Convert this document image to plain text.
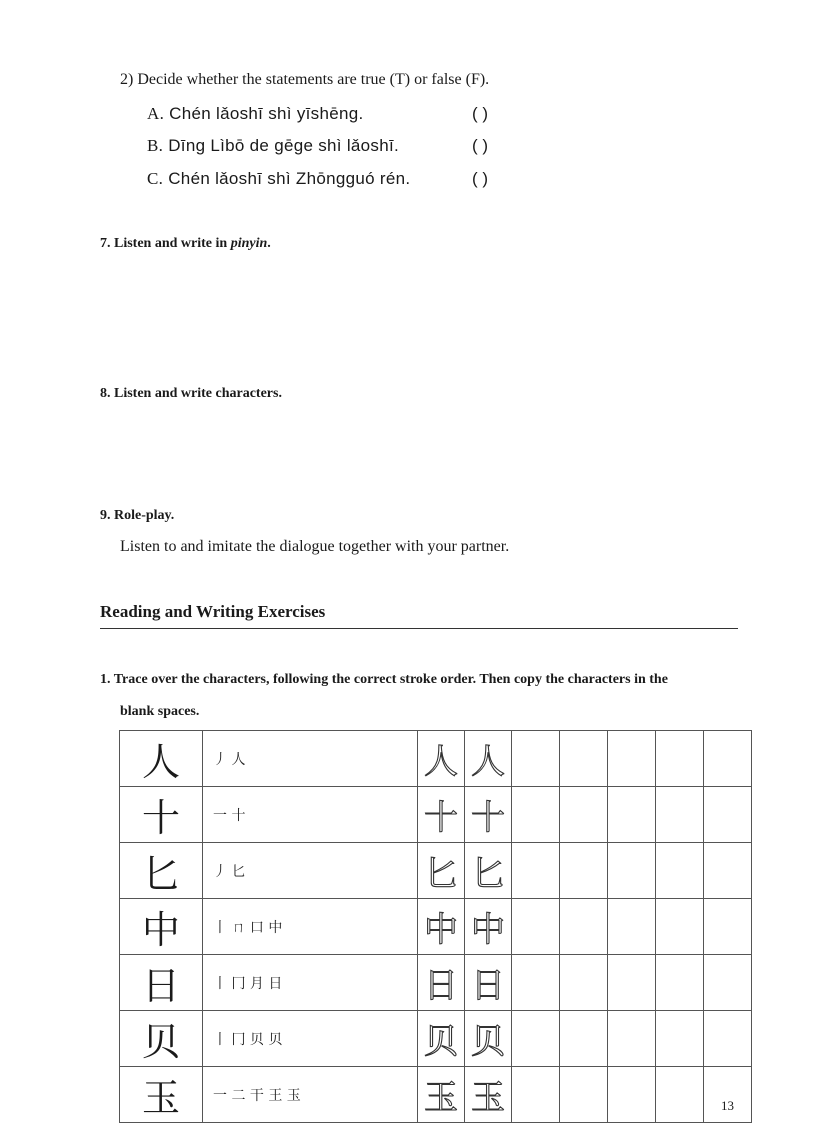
2) Decide whether the statements are true (T) or false (F).
A. Chén lǎoshī shì yīshēng.	( )
B. Dīng Lìbō de gēge shì lǎoshī.	( )
C. Chén lǎoshī shì Zhōngguó rén.	( )
7. Listen and write in pinyin.
8. Listen and write characters.
9. Role-play.
Listen to and imitate the dialogue together with your partner.
Reading and Writing Exercises
1. Trace over the characters, following the correct stroke order. Then copy the characters in the
blank spaces.
人	丿 人	人	人					
十	一 十	十	十					
匕	丿 匕	匕	匕					
中	丨 ㄇ 口 中	中	中					
日	丨 冂 月 日	日	日					
贝	丨 冂 贝 贝	贝	贝					
玉	一 二 干 王 玉	玉	玉						13
